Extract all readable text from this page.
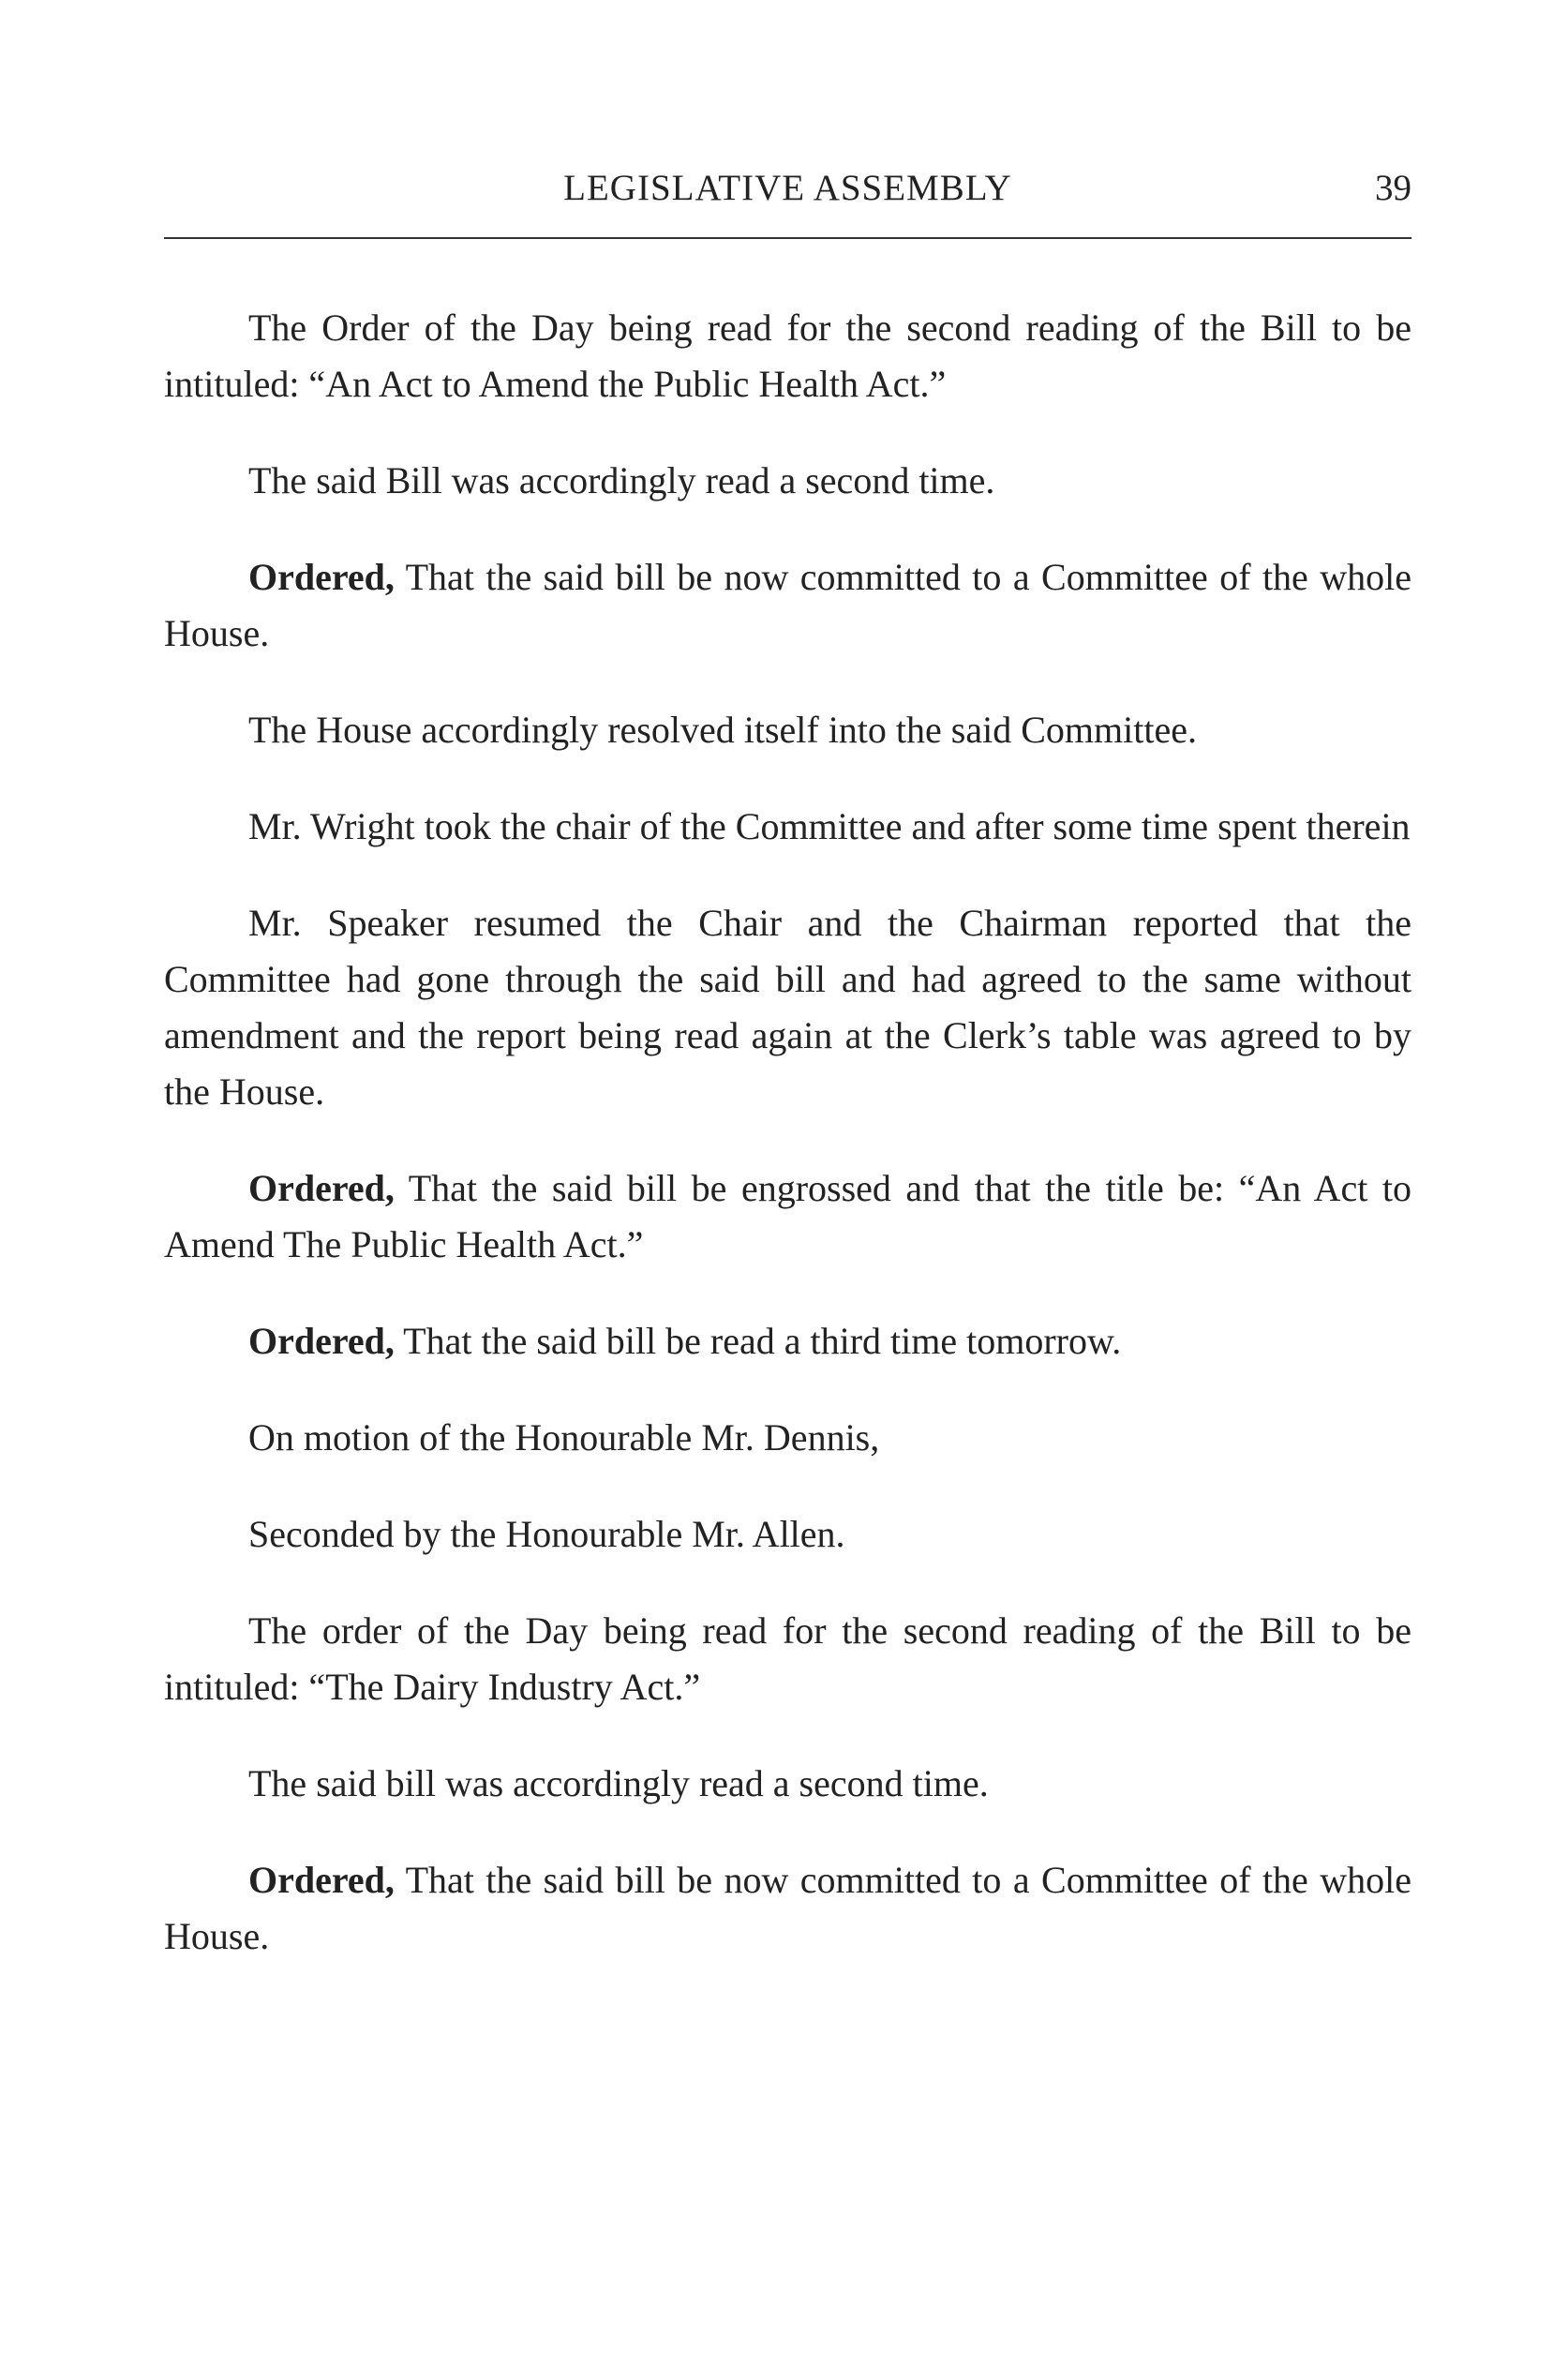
LEGISLATIVE ASSEMBLY	39

The Order of the Day being read for the second reading of the Bill to be intituled: “An Act to Amend the Public Health Act.”

The said Bill was accordingly read a second time.

Ordered, That the said bill be now committed to a Committee of the whole House.

The House accordingly resolved itself into the said Committee.

Mr. Wright took the chair of the Committee and after some time spent therein

Mr. Speaker resumed the Chair and the Chairman reported that the Committee had gone through the said bill and had agreed to the same without amendment and the report being read again at the Clerk’s table was agreed to by the House.

Ordered, That the said bill be engrossed and that the title be: “An Act to Amend The Public Health Act.”

Ordered, That the said bill be read a third time tomorrow.

On motion of the Honourable Mr. Dennis,

Seconded by the Honourable Mr. Allen.

The order of the Day being read for the second reading of the Bill to be intituled: “The Dairy Industry Act.”

The said bill was accordingly read a second time.

Ordered, That the said bill be now committed to a Committee of the whole House.
